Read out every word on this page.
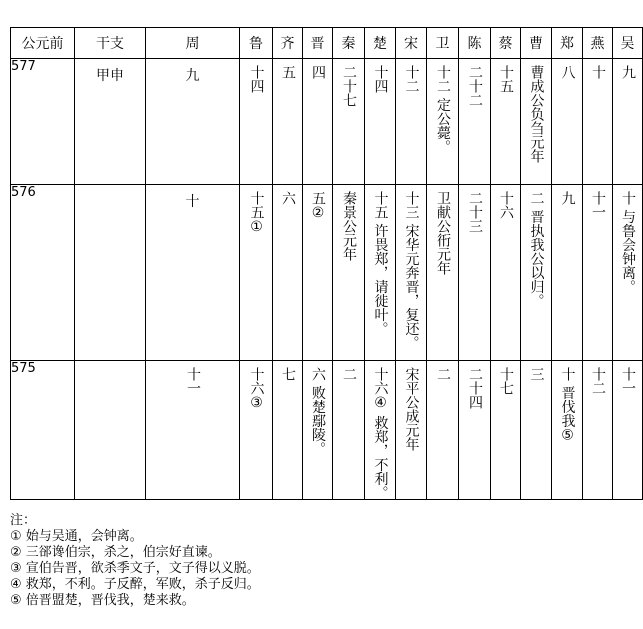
公元前	干支	周	鲁	齐	晋	秦	楚	宋	卫	陈	蔡	曹	郑	燕	吴
577	甲申	九	十四	五	四	二十七	十四	十二	十二 定公薨。	二十二	十五	曹成公负刍元年	八	十	九

576		十	十五①	六	五②	秦景公元年	十五 许畏郑，请徙叶。	十三 宋华元奔晋，复还。	卫献公衎元年	二十三	十六	二 晋执我公以归。	九	十一	十 与鲁会钟离。

575		十一	十六③	七	六 败楚鄢陵。	二	十六④ 救郑，不利。	宋平公成元年	二	二十四	十七	三	十 晋伐我⑤	十二	十一
注：
① 始与吴通，会钟离。
② 三郤谗伯宗，杀之，伯宗好直谏。
③ 宣伯告晋，欲杀季文子，文子得以义脱。
④ 救郑，不利。子反醉，军败，杀子反归。
⑤ 倍晋盟楚，晋伐我，楚来救。
